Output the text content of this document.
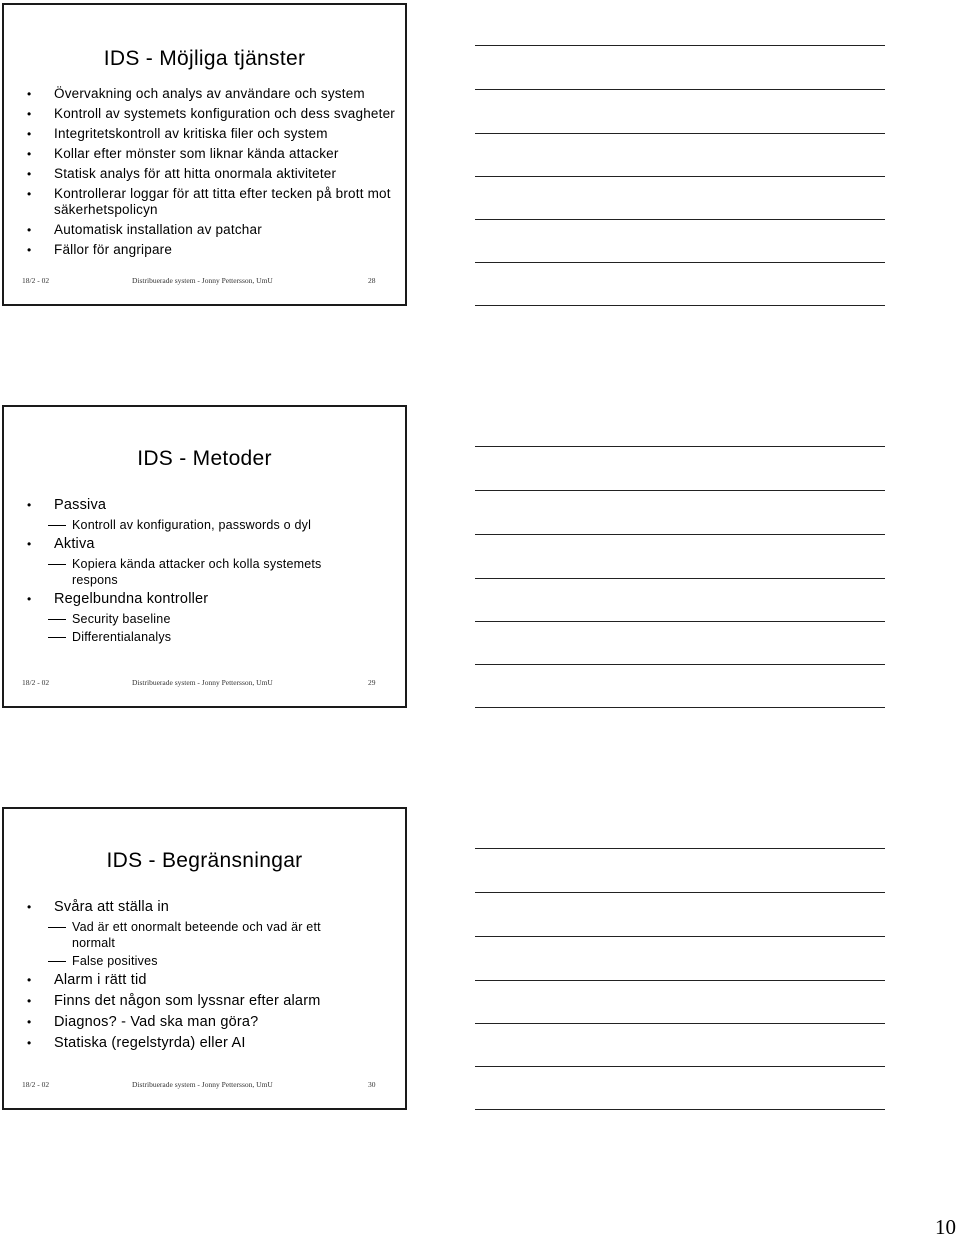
IDS - Möjliga tjänster
• Övervakning och analys av användare och system
• Kontroll av systemets konfiguration och dess svagheter
• Integritetskontroll av kritiska filer och system
• Kollar efter mönster som liknar kända attacker
• Statisk analys för att hitta onormala aktiviteter
• Kontrollerar loggar för att titta efter tecken på brott mot säkerhetspolicyn
• Automatisk installation av patchar
• Fällor för angripare
18/2 - 02	Distribuerade system - Jonny Pettersson, UmU	28
IDS - Metoder
• Passiva
Kontroll av konfiguration, passwords o dyl
• Aktiva
Kopiera kända attacker och kolla systemets respons
• Regelbundna kontroller
Security baseline
Differentialanalys
18/2 - 02	Distribuerade system - Jonny Pettersson, UmU	29
IDS - Begränsningar
• Svåra att ställa in
Vad är ett onormalt beteende och vad är ett normalt
False positives
• Alarm i rätt tid
• Finns det någon som lyssnar efter alarm
• Diagnos? - Vad ska man göra?
• Statiska (regelstyrda) eller AI
18/2 - 02	Distribuerade system - Jonny Pettersson, UmU	30
10
